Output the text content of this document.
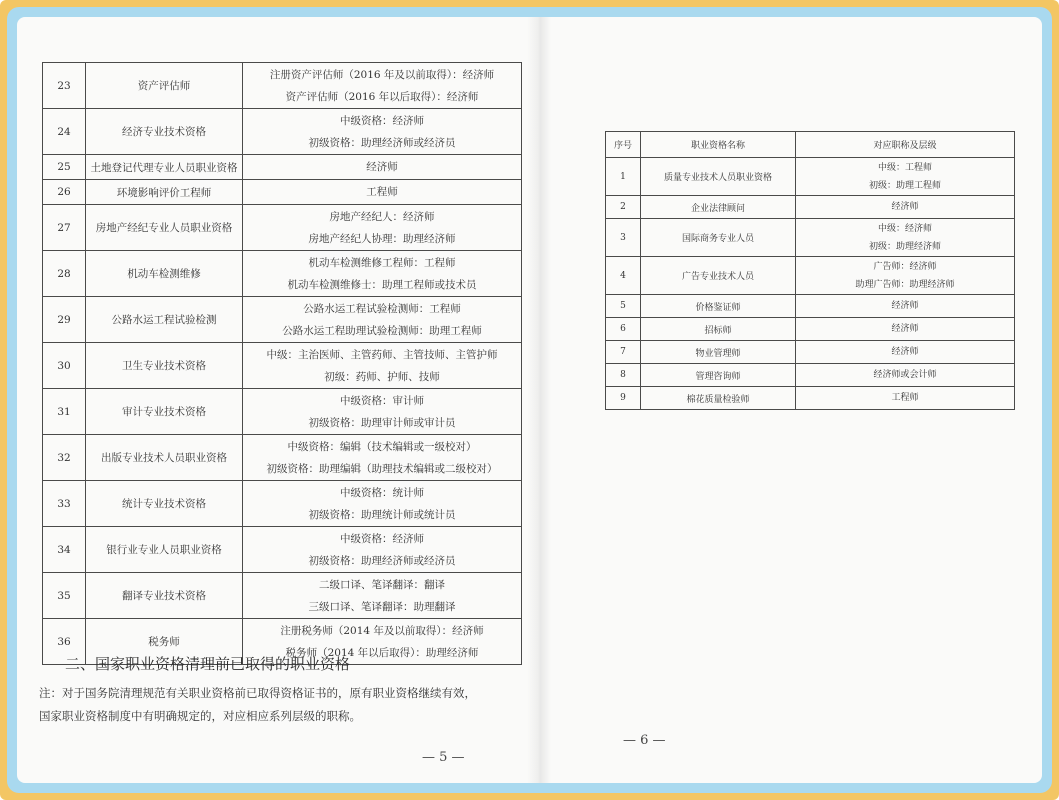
23	资产评估师	注册资产评估师（2016 年及以前取得）：经济师
资产评估师（2016 年以后取得）：经济师

24	经济专业技术资格	中级资格：经济师
初级资格：助理经济师或经济员

25	土地登记代理专业人员职业资格	经济师

26	环境影响评价工程师	工程师

27	房地产经纪专业人员职业资格	房地产经纪人：经济师
房地产经纪人协理：助理经济师

28	机动车检测维修	机动车检测维修工程师：工程师
机动车检测维修士：助理工程师或技术员

29	公路水运工程试验检测	公路水运工程试验检测师：工程师
公路水运工程助理试验检测师：助理工程师

30	卫生专业技术资格	中级：主治医师、主管药师、主管技师、主管护师
初级：药师、护师、技师

31	审计专业技术资格	中级资格：审计师
初级资格：助理审计师或审计员

32	出版专业技术人员职业资格	中级资格：编辑（技术编辑或一级校对）
初级资格：助理编辑（助理技术编辑或二级校对）

33	统计专业技术资格	中级资格：统计师
初级资格：助理统计师或统计员

34	银行业专业人员职业资格	中级资格：经济师
初级资格：助理经济师或经济员

35	翻译专业技术资格	二级口译、笔译翻译：翻译
三级口译、笔译翻译：助理翻译

36	税务师	注册税务师（2014 年及以前取得）：经济师
税务师（2014 年以后取得）：助理经济师
二、国家职业资格清理前已取得的职业资格
注：对于国务院清理规范有关职业资格前已取得资格证书的，原有职业资格继续有效，
国家职业资格制度中有明确规定的，对应相应系列层级的职称。
— 5 —
序号	职业资格名称	对应职称及层级
1	质量专业技术人员职业资格	中级：工程师
初级：助理工程师

2	企业法律顾问	经济师

3	国际商务专业人员	中级：经济师
初级：助理经济师

4	广告专业技术人员	广告师：经济师
助理广告师：助理经济师

5	价格鉴证师	经济师

6	招标师	经济师

7	物业管理师	经济师

8	管理咨询师	经济师或会计师

9	棉花质量检验师	工程师
— 6 —
